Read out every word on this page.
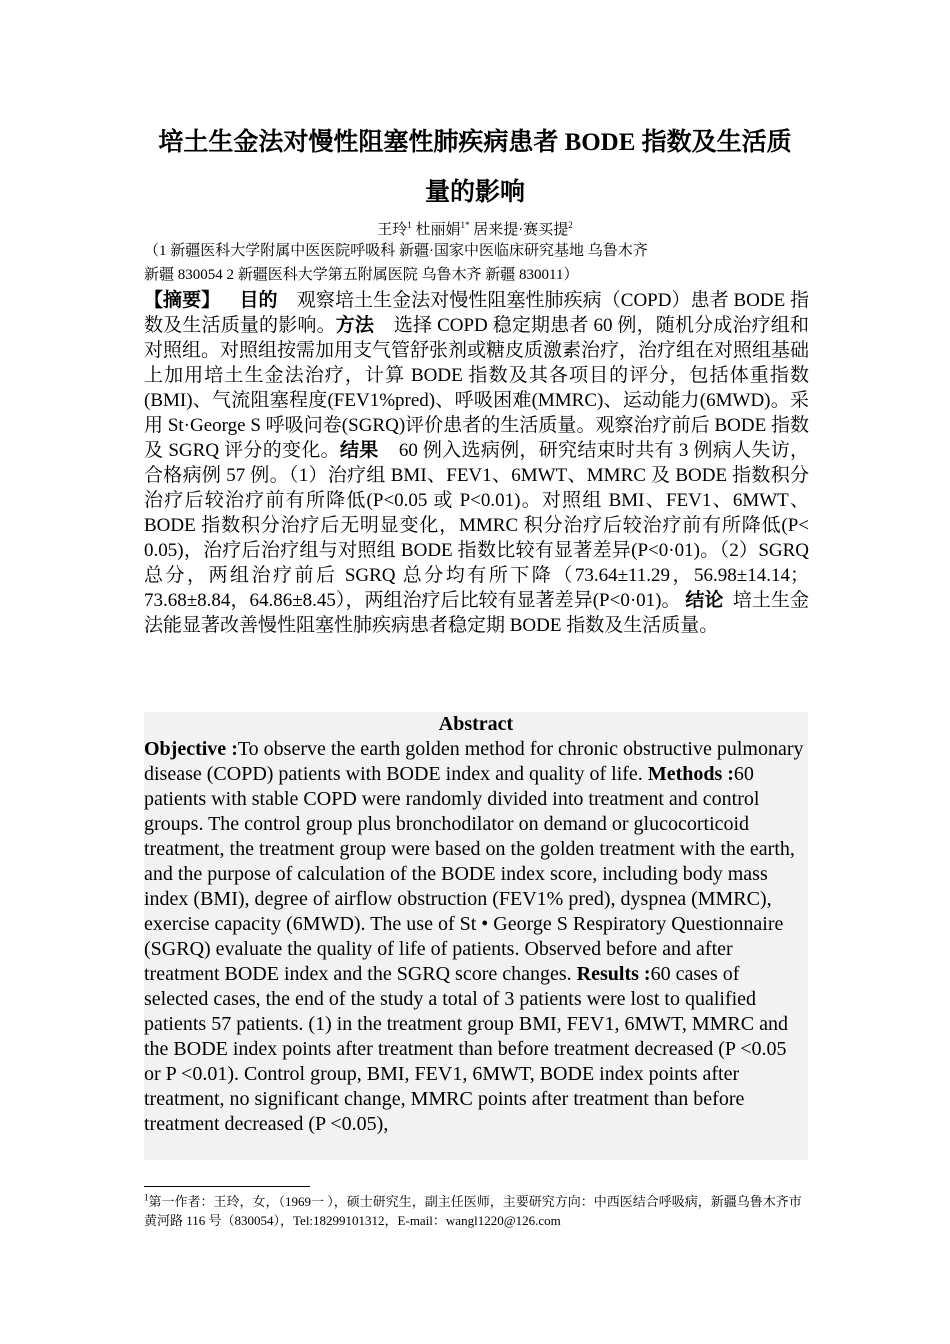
培土生金法对慢性阻塞性肺疾病患者 BODE 指数及生活质
量的影响
王玲$^1$ 杜丽娟$^{1*}$ 居来提·赛买提$^2$
（1 新疆医科大学附属中医医院呼吸科 新疆·国家中医临床研究基地 乌鲁木齐
新疆 830054 2 新疆医科大学第五附属医院 乌鲁木齐 新疆 830011）
【摘要】 目的 观察培土生金法对慢性阻塞性肺疾病（COPD）患者 BODE 指数及生活质量的影响。方法 选择 COPD 稳定期患者 60 例，随机分成治疗组和对照组。对照组按需加用支气管舒张剂或糖皮质激素治疗，治疗组在对照组基础上加用培土生金法治疗，计算 BODE 指数及其各项目的评分，包括体重指数(BMI)、气流阻塞程度(FEV1%pred)、呼吸困难(MMRC)、运动能力(6MWD)。采用 St·George S 呼吸问卷(SGRQ)评价患者的生活质量。观察治疗前后 BODE 指数及 SGRQ 评分的变化。结果 60 例入选病例，研究结束时共有 3 例病人失访，合格病例 57 例。（1）治疗组 BMI、FEV1、6MWT、MMRC 及 BODE 指数积分治疗后较治疗前有所降低(P<0.05 或 P<0.01)。对照组 BMI、FEV1、6MWT、BODE 指数积分治疗后无明显变化，MMRC 积分治疗后较治疗前有所降低(P< 0.05)，治疗后治疗组与对照组 BODE 指数比较有显著差异(P<0·01)。（2）SGRQ 总分，两组治疗前后 SGRQ 总分均有所下降（73.64±11.29，56.98±14.14；73.68±8.84，64.86±8.45），两组治疗后比较有显著差异(P<0·01)。 结论 培土生金法能显著改善慢性阻塞性肺疾病患者稳定期 BODE 指数及生活质量。
Abstract
Objective :To observe the earth golden method for chronic obstructive pulmonary disease (COPD) patients with BODE index and quality of life. Methods :60 patients with stable COPD were randomly divided into treatment and control groups. The control group plus bronchodilator on demand or glucocorticoid treatment, the treatment group were based on the golden treatment with the earth, and the purpose of calculation of the BODE index score, including body mass index (BMI), degree of airflow obstruction (FEV1% pred), dyspnea (MMRC), exercise capacity (6MWD). The use of St • George S Respiratory Questionnaire (SGRQ) evaluate the quality of life of patients. Observed before and after treatment BODE index and the SGRQ score changes. Results :60 cases of selected cases, the end of the study a total of 3 patients were lost to qualified patients 57 patients. (1) in the treatment group BMI, FEV1, 6MWT, MMRC and the BODE index points after treatment than before treatment decreased (P <0.05 or P <0.01). Control group, BMI, FEV1, 6MWT, BODE index points after treatment, no significant change, MMRC points after treatment than before treatment decreased (P <0.05),
$^1$第一作者：王玲，女，（1969一 ），硕士研究生，副主任医师，主要研究方向：中西医结合呼吸病，新疆乌鲁木齐市黄河路 116 号（830054），Tel:18299101312，E-mail：wangl1220@126.com
